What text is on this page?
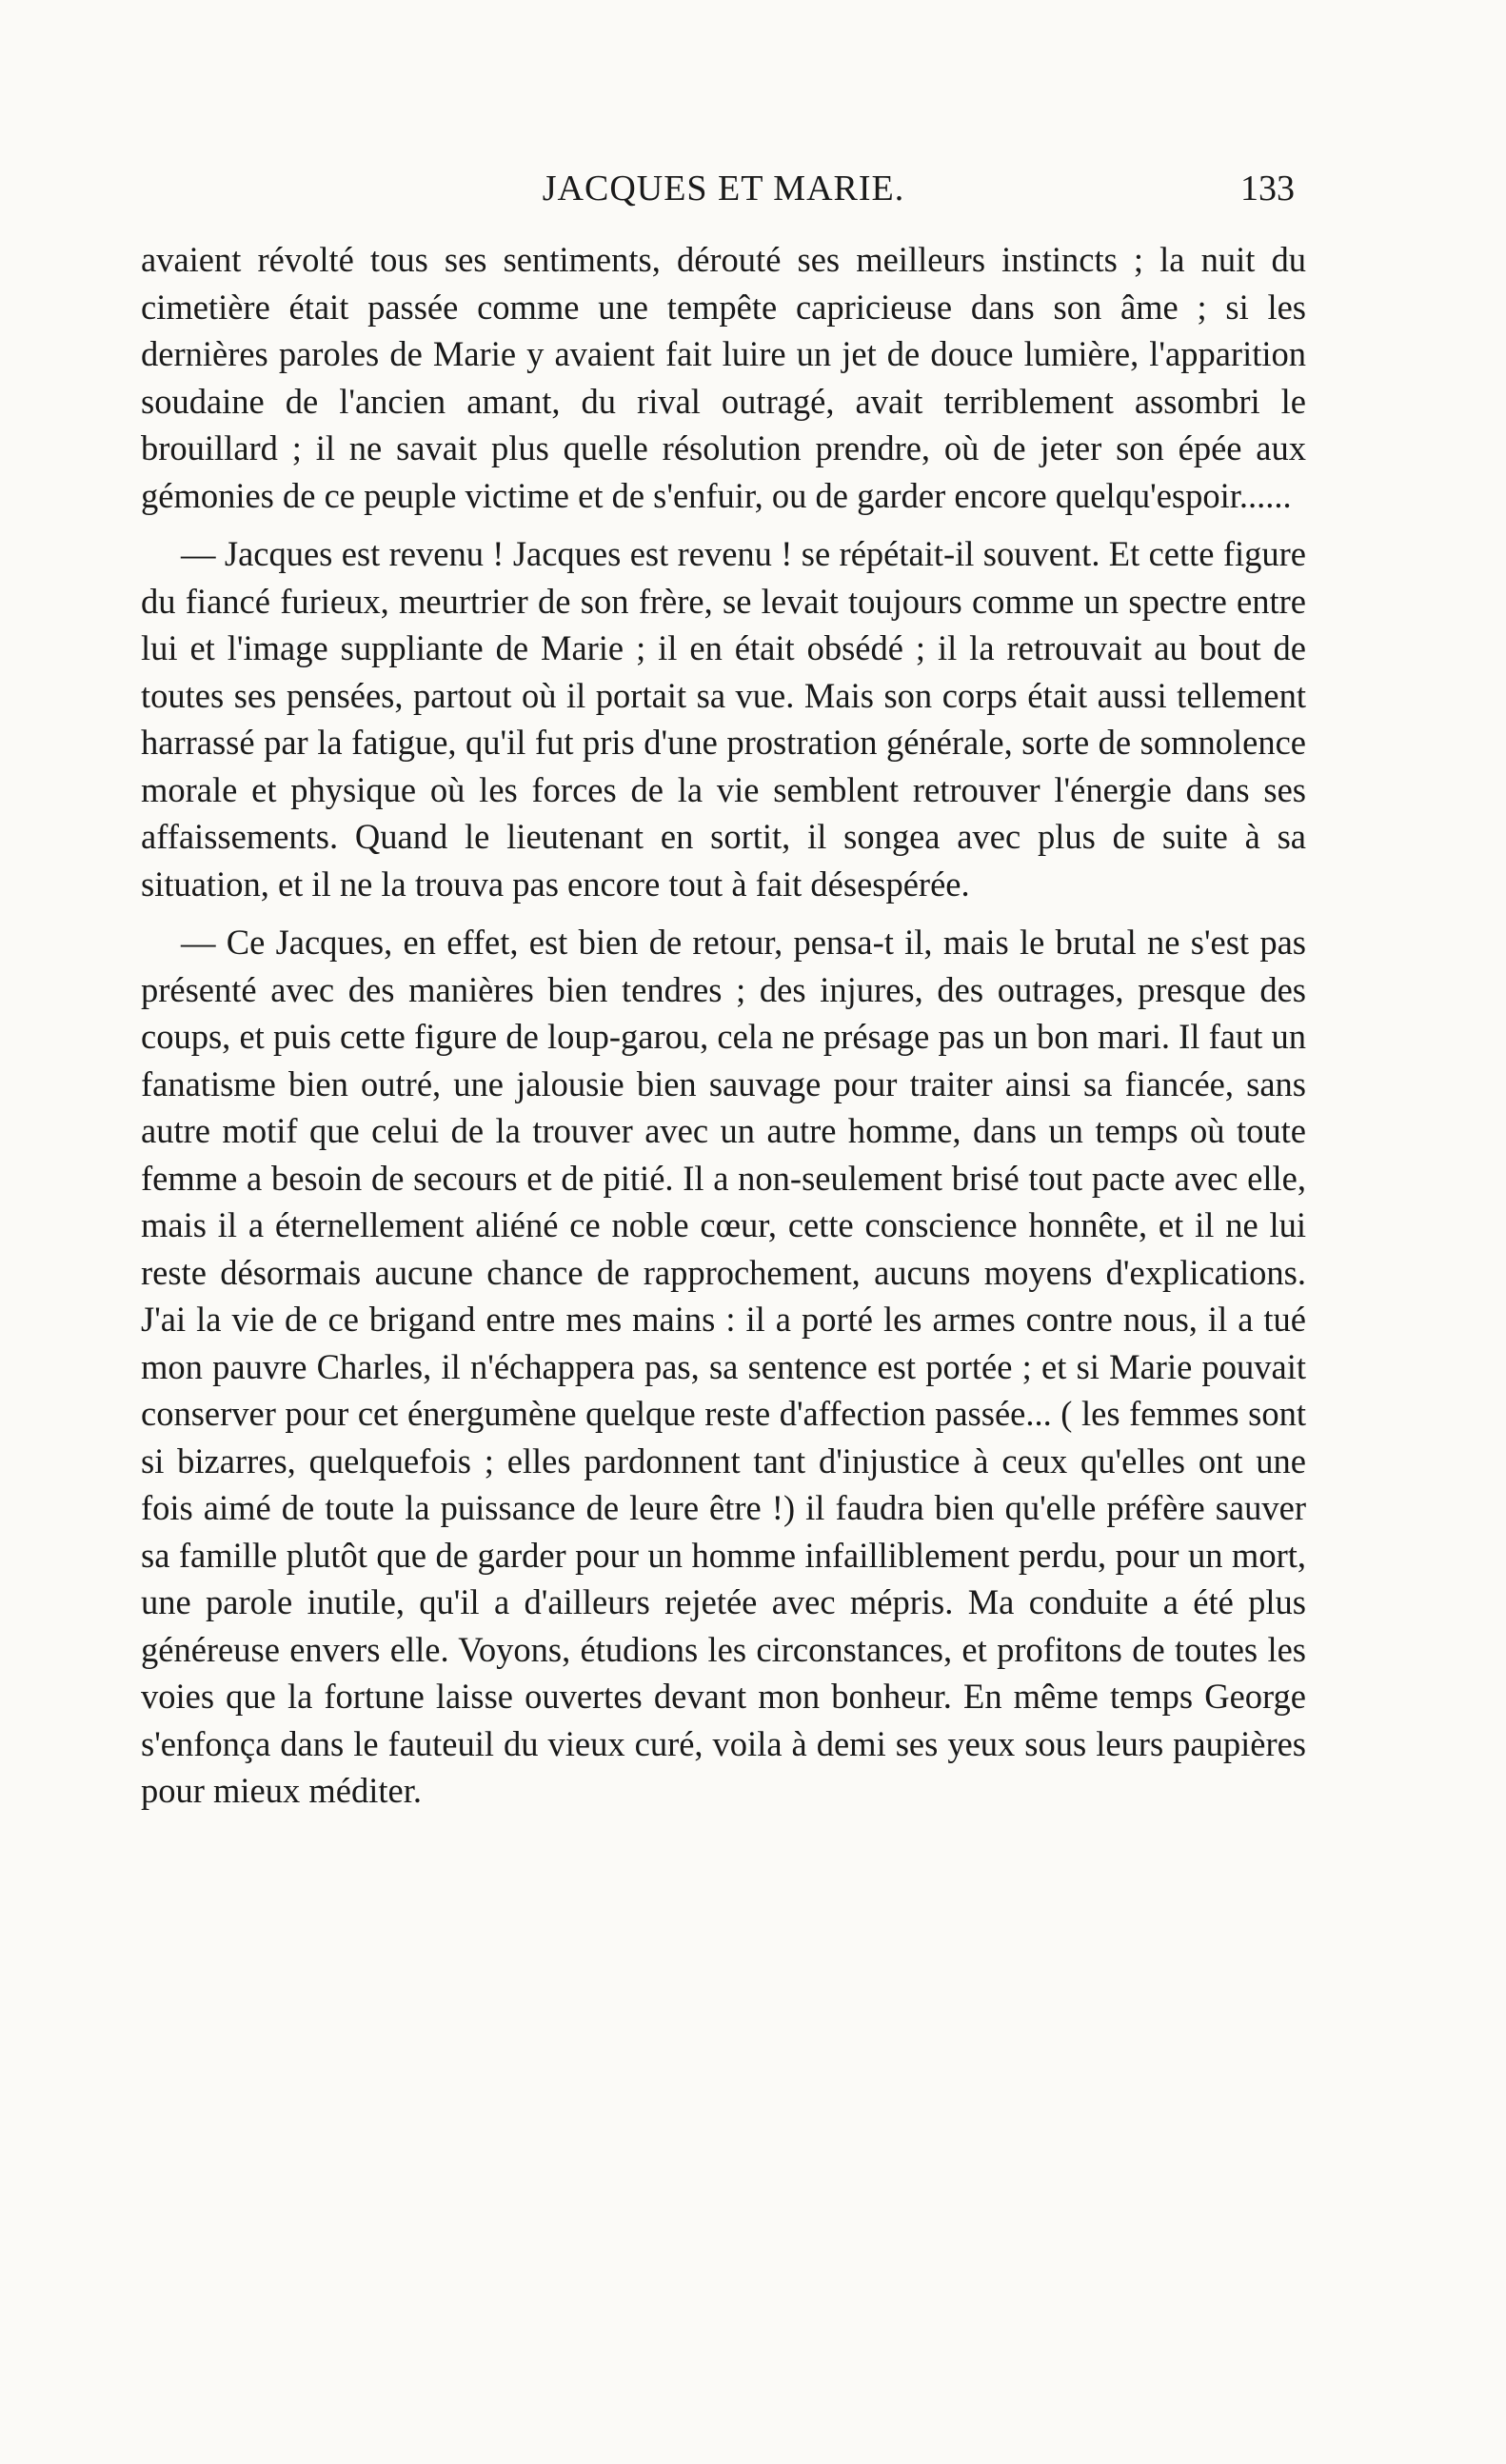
JACQUES ET MARIE.	133

avaient révolté tous ses sentiments, dérouté ses meilleurs instincts ; la nuit du cimetière était passée comme une tempête capricieuse dans son âme ; si les dernières paroles de Marie y avaient fait luire un jet de douce lumière, l'apparition soudaine de l'ancien amant, du rival outragé, avait terriblement assombri le brouillard ; il ne savait plus quelle résolution prendre, où de jeter son épée aux gémonies de ce peuple victime et de s'enfuir, ou de garder encore quelqu'espoir......

— Jacques est revenu ! Jacques est revenu ! se répétait-il souvent. Et cette figure du fiancé furieux, meurtrier de son frère, se levait toujours comme un spectre entre lui et l'image suppliante de Marie ; il en était obsédé ; il la retrouvait au bout de toutes ses pensées, partout où il portait sa vue. Mais son corps était aussi tellement harrassé par la fatigue, qu'il fut pris d'une prostration générale, sorte de somnolence morale et physique où les forces de la vie semblent retrouver l'énergie dans ses affaissements. Quand le lieutenant en sortit, il songea avec plus de suite à sa situation, et il ne la trouva pas encore tout à fait désespérée.

— Ce Jacques, en effet, est bien de retour, pensa-t il, mais le brutal ne s'est pas présenté avec des manières bien tendres ; des injures, des outrages, presque des coups, et puis cette figure de loup-garou, cela ne présage pas un bon mari. Il faut un fanatisme bien outré, une jalousie bien sauvage pour traiter ainsi sa fiancée, sans autre motif que celui de la trouver avec un autre homme, dans un temps où toute femme a besoin de secours et de pitié. Il a non-seulement brisé tout pacte avec elle, mais il a éternellement aliéné ce noble cœur, cette conscience honnête, et il ne lui reste désormais aucune chance de rapprochement, aucuns moyens d'explications. J'ai la vie de ce brigand entre mes mains : il a porté les armes contre nous, il a tué mon pauvre Charles, il n'échappera pas, sa sentence est portée ; et si Marie pouvait conserver pour cet énergumène quelque reste d'affection passée... ( les femmes sont si bizarres, quelquefois ; elles pardonnent tant d'injustice à ceux qu'elles ont une fois aimé de toute la puissance de leure être !) il faudra bien qu'elle préfère sauver sa famille plutôt que de garder pour un homme infailliblement perdu, pour un mort, une parole inutile, qu'il a d'ailleurs rejetée avec mépris. Ma conduite a été plus généreuse envers elle. Voyons, étudions les circonstances, et profitons de toutes les voies que la fortune laisse ouvertes devant mon bonheur. En même temps George s'enfonça dans le fauteuil du vieux curé, voila à demi ses yeux sous leurs paupières pour mieux méditer.
